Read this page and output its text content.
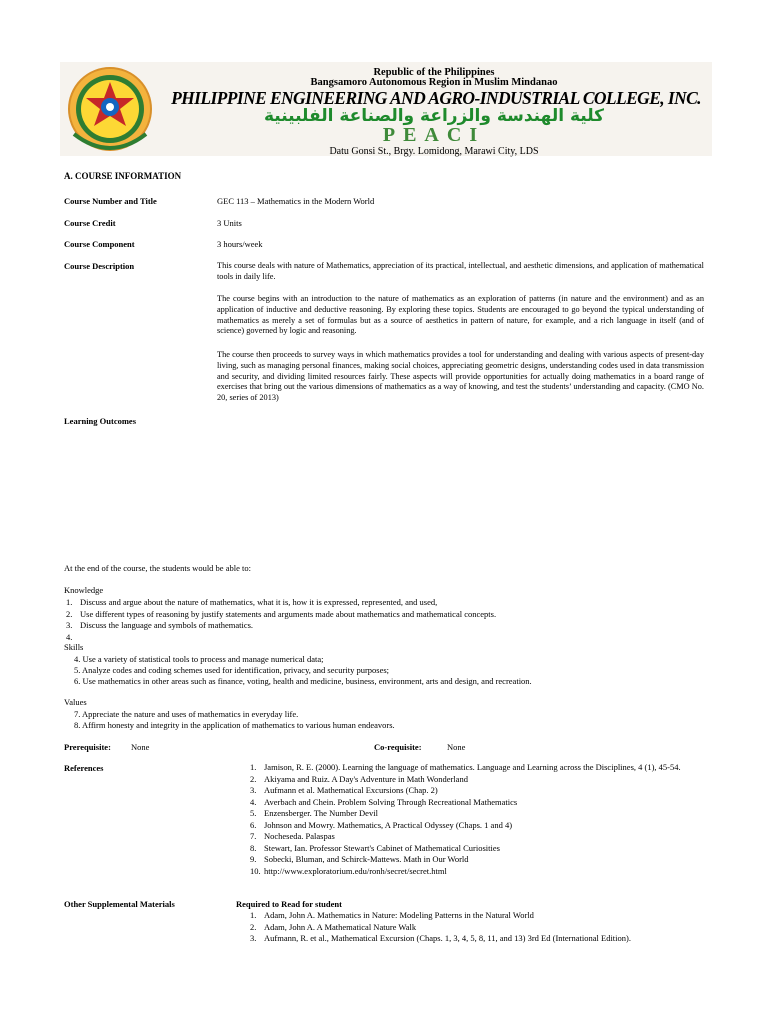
Republic of the Philippines
Bangsamoro Autonomous Region in Muslim Mindanao
PHILIPPINE ENGINEERING AND AGRO-INDUSTRIAL COLLEGE, INC.
كلية الهندسة والزراعة والصناعة الفلبينية
PEACI
Datu Gonsi St., Brgy. Lomidong, Marawi City, LDS
A. COURSE INFORMATION
Course Number and Title	GEC 113 – Mathematics in the Modern World
Course Credit	3 Units
Course Component	3 hours/week
Course Description	This course deals with nature of Mathematics, appreciation of its practical, intellectual, and aesthetic dimensions, and application of mathematical tools in daily life.
The course begins with an introduction to the nature of mathematics as an exploration of patterns (in nature and the environment) and as an application of inductive and deductive reasoning. By exploring these topics. Students are encouraged to go beyond the typical understanding of mathematics as merely a set of formulas but as a source of aesthetics in pattern of nature, for example, and a rich language in itself (and of science) governed by logic and reasoning.
The course then proceeds to survey ways in which mathematics provides a tool for understanding and dealing with various aspects of present-day living, such as managing personal finances, making social choices, appreciating geometric designs, understanding codes used in data transmission and security, and dividing limited resources fairly. These aspects will provide opportunities for actually doing mathematics in a board range of exercises that bring out the various dimensions of mathematics as a way of knowing, and test the students’ understanding and capacity. (CMO No. 20, series of 2013)
Learning Outcomes
At the end of the course, the students would be able to:
Knowledge
1. Discuss and argue about the nature of mathematics, what it is, how it is expressed, represented, and used,
2. Use different types of reasoning by justify statements and arguments made about mathematics and mathematical concepts.
3. Discuss the language and symbols of mathematics.
4.
Skills
4. Use a variety of statistical tools to process and manage numerical data;
5. Analyze codes and coding schemes used for identification, privacy, and security purposes;
6. Use mathematics in other areas such as finance, voting, health and medicine, business, environment, arts and design, and recreation.
Values
7. Appreciate the nature and uses of mathematics in everyday life.
8. Affirm honesty and integrity in the application of mathematics to various human endeavors.
Prerequisite: None	Co-requisite:	None
References	1. Jamison, R. E. (2000). Learning the language of mathematics. Language and Learning across the Disciplines, 4 (1), 45-54.
2. Akiyama and Ruiz. A Day's Adventure in Math Wonderland
3. Aufmann et al. Mathematical Excursions (Chap. 2)
4. Averbach and Chein. Problem Solving Through Recreational Mathematics
5. Enzensberger. The Number Devil
6. Johnson and Mowry. Mathematics, A Practical Odyssey (Chaps. 1 and 4)
7. Nocheseda. Palaspas
8. Stewart, Ian. Professor Stewart's Cabinet of Mathematical Curiosities
9. Sobecki, Bluman, and Schirck-Mattews. Math in Our World
10. http://www.exploratorium.edu/ronh/secret/secret.html
Other Supplemental Materials	Required to Read for student
1. Adam, John A. Mathematics in Nature: Modeling Patterns in the Natural World
2. Adam, John A. A Mathematical Nature Walk
3. Aufmann, R. et al., Mathematical Excursion (Chaps. 1, 3, 4, 5, 8, 11, and 13) 3rd Ed (International Edition).
